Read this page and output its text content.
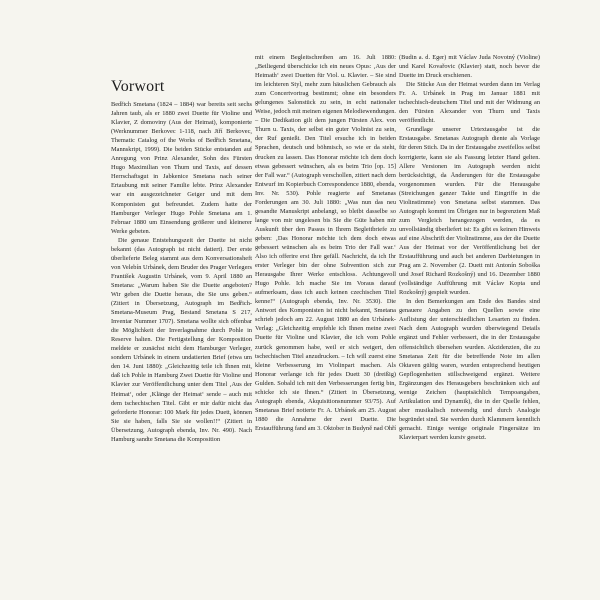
Vorwort

Bedřich Smetana (1824 – 1884) war bereits seit sechs Jahren taub, als er 1880 zwei Duette für Violine und Klavier, Z domoviny (Aus der Heimat), komponierte (Werknummer Berkovec 1-118, nach Jiří Berkovec, Thematic Catalog of the Works of Bedřich Smetana, Mannskript, 1999). Die beiden Stücke entstanden auf Anregung von Prinz Alexander, Sohn des Fürsten Hugo Maximilian von Thurn und Taxis, auf dessen Herrschaftsgut in Jabkenice Smetana nach seiner Ertaubung mit seiner Familie lebte. Prinz Alexander war ein ausgezeichneter Geiger und mit dem Komponisten gut befreundet. Zudem hatte der Hamburger Verleger Hugo Pohle Smetana am 1. Februar 1880 um Einsendung größerer und kleinerer Werke gebeten.

Die genaue Entstehungszeit der Duette ist nicht bekannt (das Autograph ist nicht datiert). Der erste überlieferte Beleg stammt aus dem Konversationsheft von Velebín Urbánek, dem Bruder des Prager Verlegers František Augustin Urbánek, vom 9. April 1880 an Smetana: „Warum haben Sie die Duette angeboten? Wir geben die Duette heraus, die Sie uns geben.“ (Zitiert in Übersetzung, Autograph im Bedřich-Smetana-Museum Prag, Bestand Smetana S 217, Inventar Nummer 1707). Smetana wollte sich offenbar die Möglichkeit der Inverlagnahme durch Pohle in Reserve halten. Die Fertigstellung der Komposition meldete er zunächst nicht dem Hamburger Verleger, sondern Urbánek in einem undatierten Brief (etwa um den 14. Juni 1880): „Gleichzeitig teile ich Ihnen mit, daß ich Pohle in Hamburg Zwei Duette für Violine und Klavier zur Veröffentlichung unter dem Titel ‚Aus der Heimat‘, oder ‚Klänge der Heimat‘ sende – auch mit dem tschechischen Titel. Gibt er mir dafür nicht das geforderte Honorar: 100 Mark für jedes Duett, können Sie sie haben, falls Sie sie wollen!!“ (Zitiert in Übersetzung, Autograph ebenda, Inv. Nr. 490). Nach Hamburg sandte Smetana die Komposition

mit einem Begleitschreiben am 16. Juli 1880: „Beiliegend überschicke ich ein neues Opus: ‚Aus der Heimath‘ zwei Duetten für Viol. u. Klavier. – Sie sind im leichteren Styl, mehr zum häuslichen Gebrauch als zum Concertvortrag bestimmt; ohne ein besonders gelungenes Salonstück zu sein, in echt nationaler Weise, jedoch mit meinen eigenen Melodiewendungen. – Die Dedikation gilt dem jungen Fürsten Alex. von Thurn u. Taxis, der selbst ein guter Violinist zu sein, der Ruf genießt. Den Titel ersuche ich in beiden Sprachen, deutsch und böhmisch, so wie er da steht, drucken zu lassen. Das Honorar möchte ich dem doch etwas gebessert wünschen, als es beim Trio [op. 15] der Fall war.“ (Autograph verschollen, zitiert nach dem Entwurf im Kopierbuch Correspondence 1880, ebenda, Inv. Nr. 530). Pohle reagierte auf Smetanas Forderungen am 30. Juli 1880: „Was nun das neu gesandte Manuskript anbelangt, so bleibt dasselbe so lange von mir ungelesen bis Sie die Güte haben mir Auskunft über den Passus in Ihrem Begleitbriefe zu geben: ‚Das Honorar möchte ich dem doch etwas gebessert wünschen als es beim Trio der Fall war.‘ Also ich offerire erst Ihre gefäll. Nachricht, da ich Ihr erster Verleger bin der ohne Subvention sich zur Herausgabe Ihrer Werke entschloss. Achtungsvoll Hugo Pohle. Ich mache Sie im Voraus darauf aufmerksam, dass ich auch keinen czechischen Titel kenne!“ (Autograph ebenda, Inv. Nr. 3530). Die Antwort des Komponisten ist nicht bekannt, Smetana schrieb jedoch am 22. August 1880 an den Urbánek-Verlag: „Gleichzeitig empfehle ich Ihnen meine zwei Duette für Violine und Klavier, die ich vom Pohle zurück genommen habe, weil er sich weigert, den tschechischen Titel anzudrucken. – Ich will zuerst eine kleine Verbesserung im Violinpart machen. Als Honorar verlange ich für jedes Duett 30 (dreißig) Gulden. Sobald ich mit den Verbesserungen fertig bin, schicke ich sie Ihnen.“ (Zitiert in Übersetzung, Autograph ebenda, Akquisitionsnummer 93/75). Auf Smetanas Brief notierte Fr. A. Urbánek am 25. August 1880 die Annahme der zwei Duette. Die Erstaufführung fand am 3. Oktober in Budyně nad Ohří

(Budin a. d. Eger) mit Václav Juda Novotný (Violine) und Karel Kovařovic (Klavier) statt, noch bevor die Duette im Druck erschienen.

Die Stücke Aus der Heimat wurden dann im Verlag Fr. A. Urbánek in Prag im Januar 1881 mit tschechisch-deutschem Titel und mit der Widmung an den Fürsten Alexander von Thurn und Taxis veröffentlicht.

Grundlage unserer Urtextausgabe ist die Erstausgabe. Smetanas Autograph diente als Vorlage für deren Stich. Da in der Erstausgabe zweifellos selbst korrigierte, kann sie als Fassung letzter Hand gelten. Allere Versionen im Autograph werden nicht berücksichtigt, da Änderungen für die Erstausgabe vorgenommen wurden. Für die Herausgabe (Streichungen ganzer Takte und Eingriffe in die Violinstimme) von Smetana selbst stammen. Das Autograph kommt im Übrigen nur in begrenztem Maß zum Vergleich herangezogen werden, da es unvollständig überliefert ist: Es gibt es keinen Hinweis auf eine Abschrift der Violinstimme, aus der die Duette Aus der Heimat vor der Veröffentlichung bei der Erstaufführung und auch bei anderen Darbietungen in Prag am 2. November (2. Duett mit Antonín Soboška und Josef Richard Rozkošný) und 16. Dezember 1880 (vollständige Aufführung mit Václav Kopta und Rozkošný) gespielt wurden.

In den Bemerkungen am Ende des Bandes sind genauere Angaben zu den Quellen sowie eine Auflistung der unterschiedlichen Lesarten zu finden. Nach dem Autograph wurden überwiegend Details ergänzt und Fehler verbessert, die in der Erstausgabe offensichtlich übersehen wurden. Akzidenzien, die zu Smetanas Zeit für die betreffende Note im allen Oktaven gültig waren, wurden entsprechend heutigen Gepflogenheiten stillschweigend ergänzt. Weitere Ergänzungen des Herausgebers beschränken sich auf wenige Zeichen (hauptsächlich Tempoangaben, Artikulation und Dynamik), die in der Quelle fehlen, aber musikalisch notwendig und durch Analogie begründet sind. Sie werden durch Klammern kenntlich gemacht. Einige wenige originale Fingersätze im Klavierpart werden kursiv gesetzt.
